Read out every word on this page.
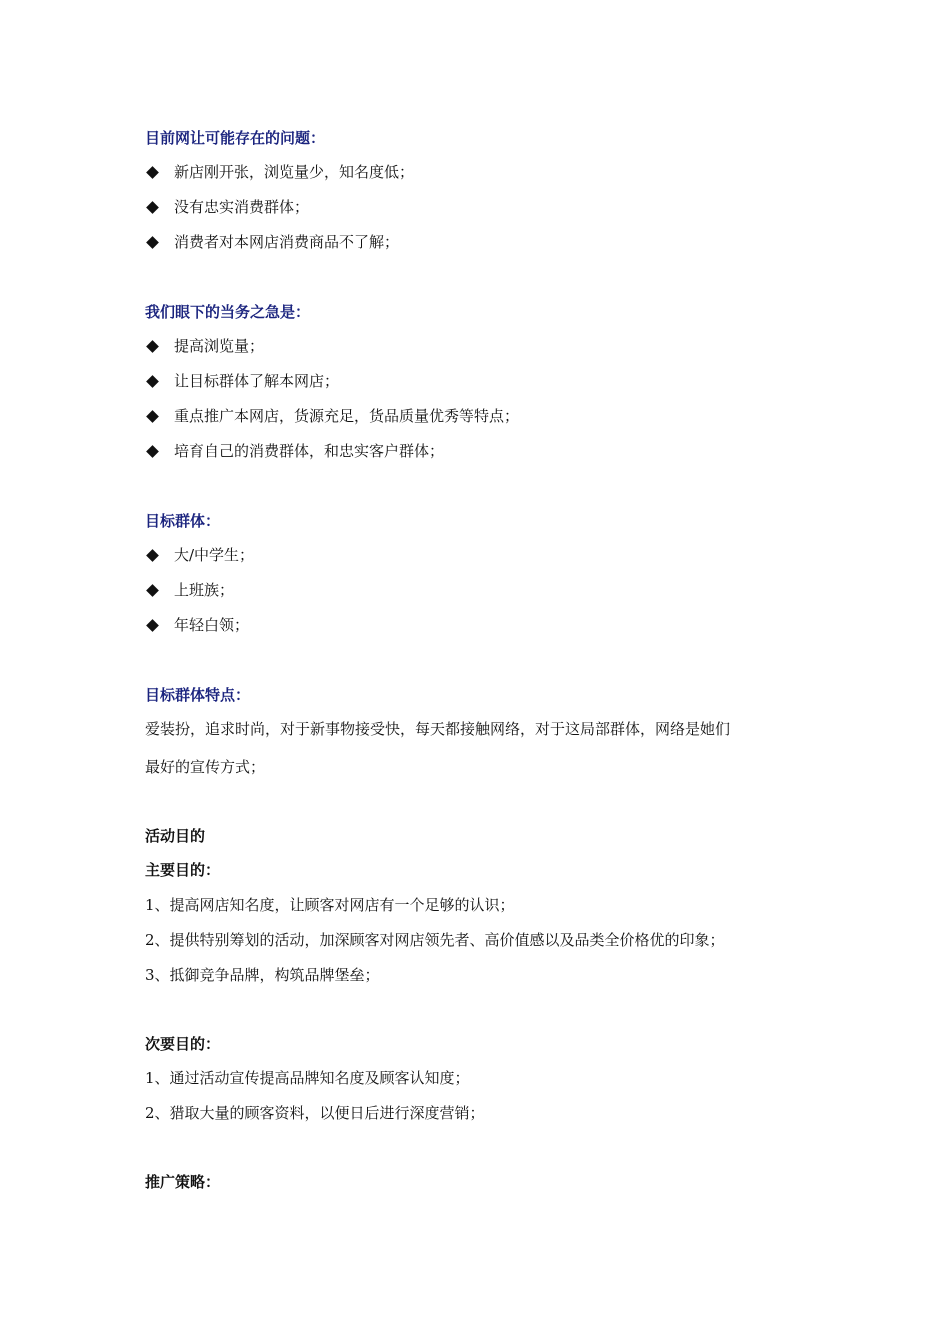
目前网让可能存在的问题：
新店刚开张，浏览量少，知名度低；
没有忠实消费群体；
消费者对本网店消费商品不了解；
我们眼下的当务之急是：
提高浏览量；
让目标群体了解本网店；
重点推广本网店，货源充足，货品质量优秀等特点；
培育自己的消费群体，和忠实客户群体；
目标群体：
大/中学生；
上班族；
年轻白领；
目标群体特点：
爱装扮，追求时尚，对于新事物接受快，每天都接触网络，对于这局部群体，网络是她们
最好的宣传方式；
活动目的
主要目的：
1、提高网店知名度，让顾客对网店有一个足够的认识；
2、提供特别筹划的活动，加深顾客对网店领先者、高价值感以及品类全价格优的印象；
3、抵御竞争品牌，构筑品牌堡垒；
次要目的：
1、通过活动宣传提高品牌知名度及顾客认知度；
2、猎取大量的顾客资料，以便日后进行深度营销；
推广策略：
